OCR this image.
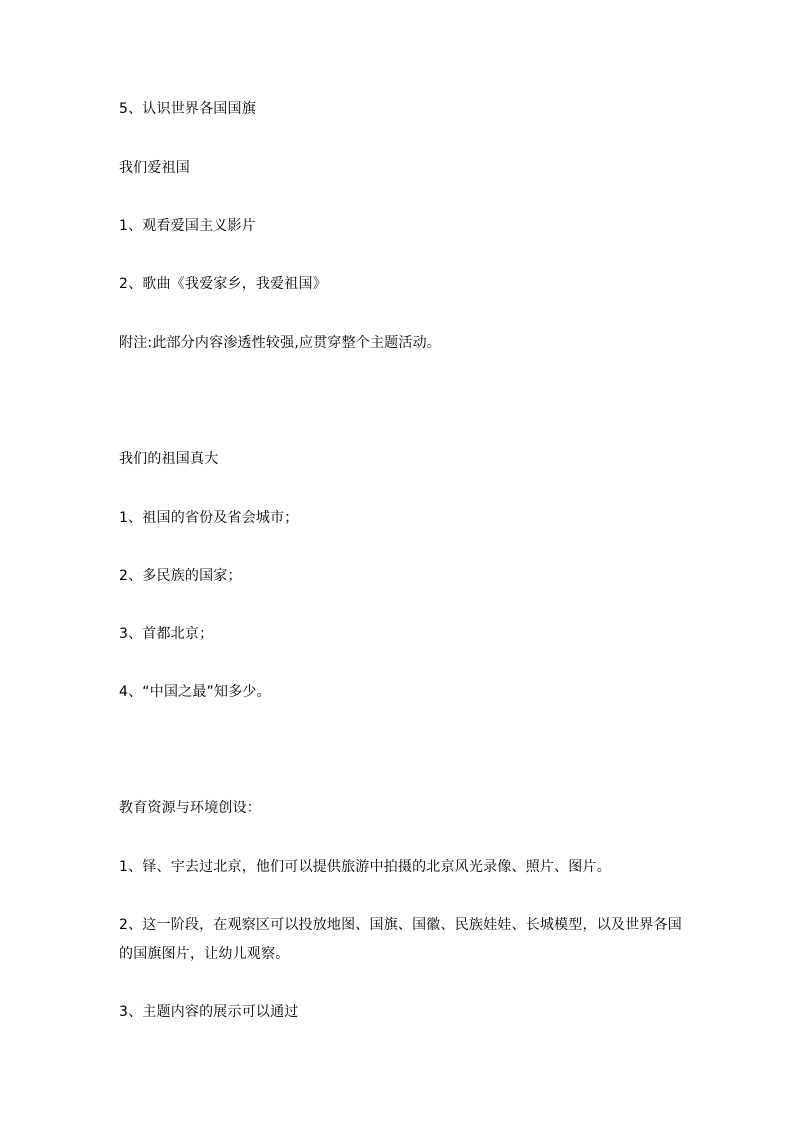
5、认识世界各国国旗
我们爱祖国
1、观看爱国主义影片
2、歌曲《我爱家乡，我爱祖国》
附注:此部分内容渗透性较强,应贯穿整个主题活动。
我们的祖国真大
1、祖国的省份及省会城市；
2、多民族的国家；
3、首都北京；
4、“中国之最”知多少。
教育资源与环境创设：
1、铎、宇去过北京，他们可以提供旅游中拍摄的北京风光录像、照片、图片。
2、这一阶段，在观察区可以投放地图、国旗、国徽、民族娃娃、长城模型，以及世界各国的国旗图片，让幼儿观察。
3、主题内容的展示可以通过
